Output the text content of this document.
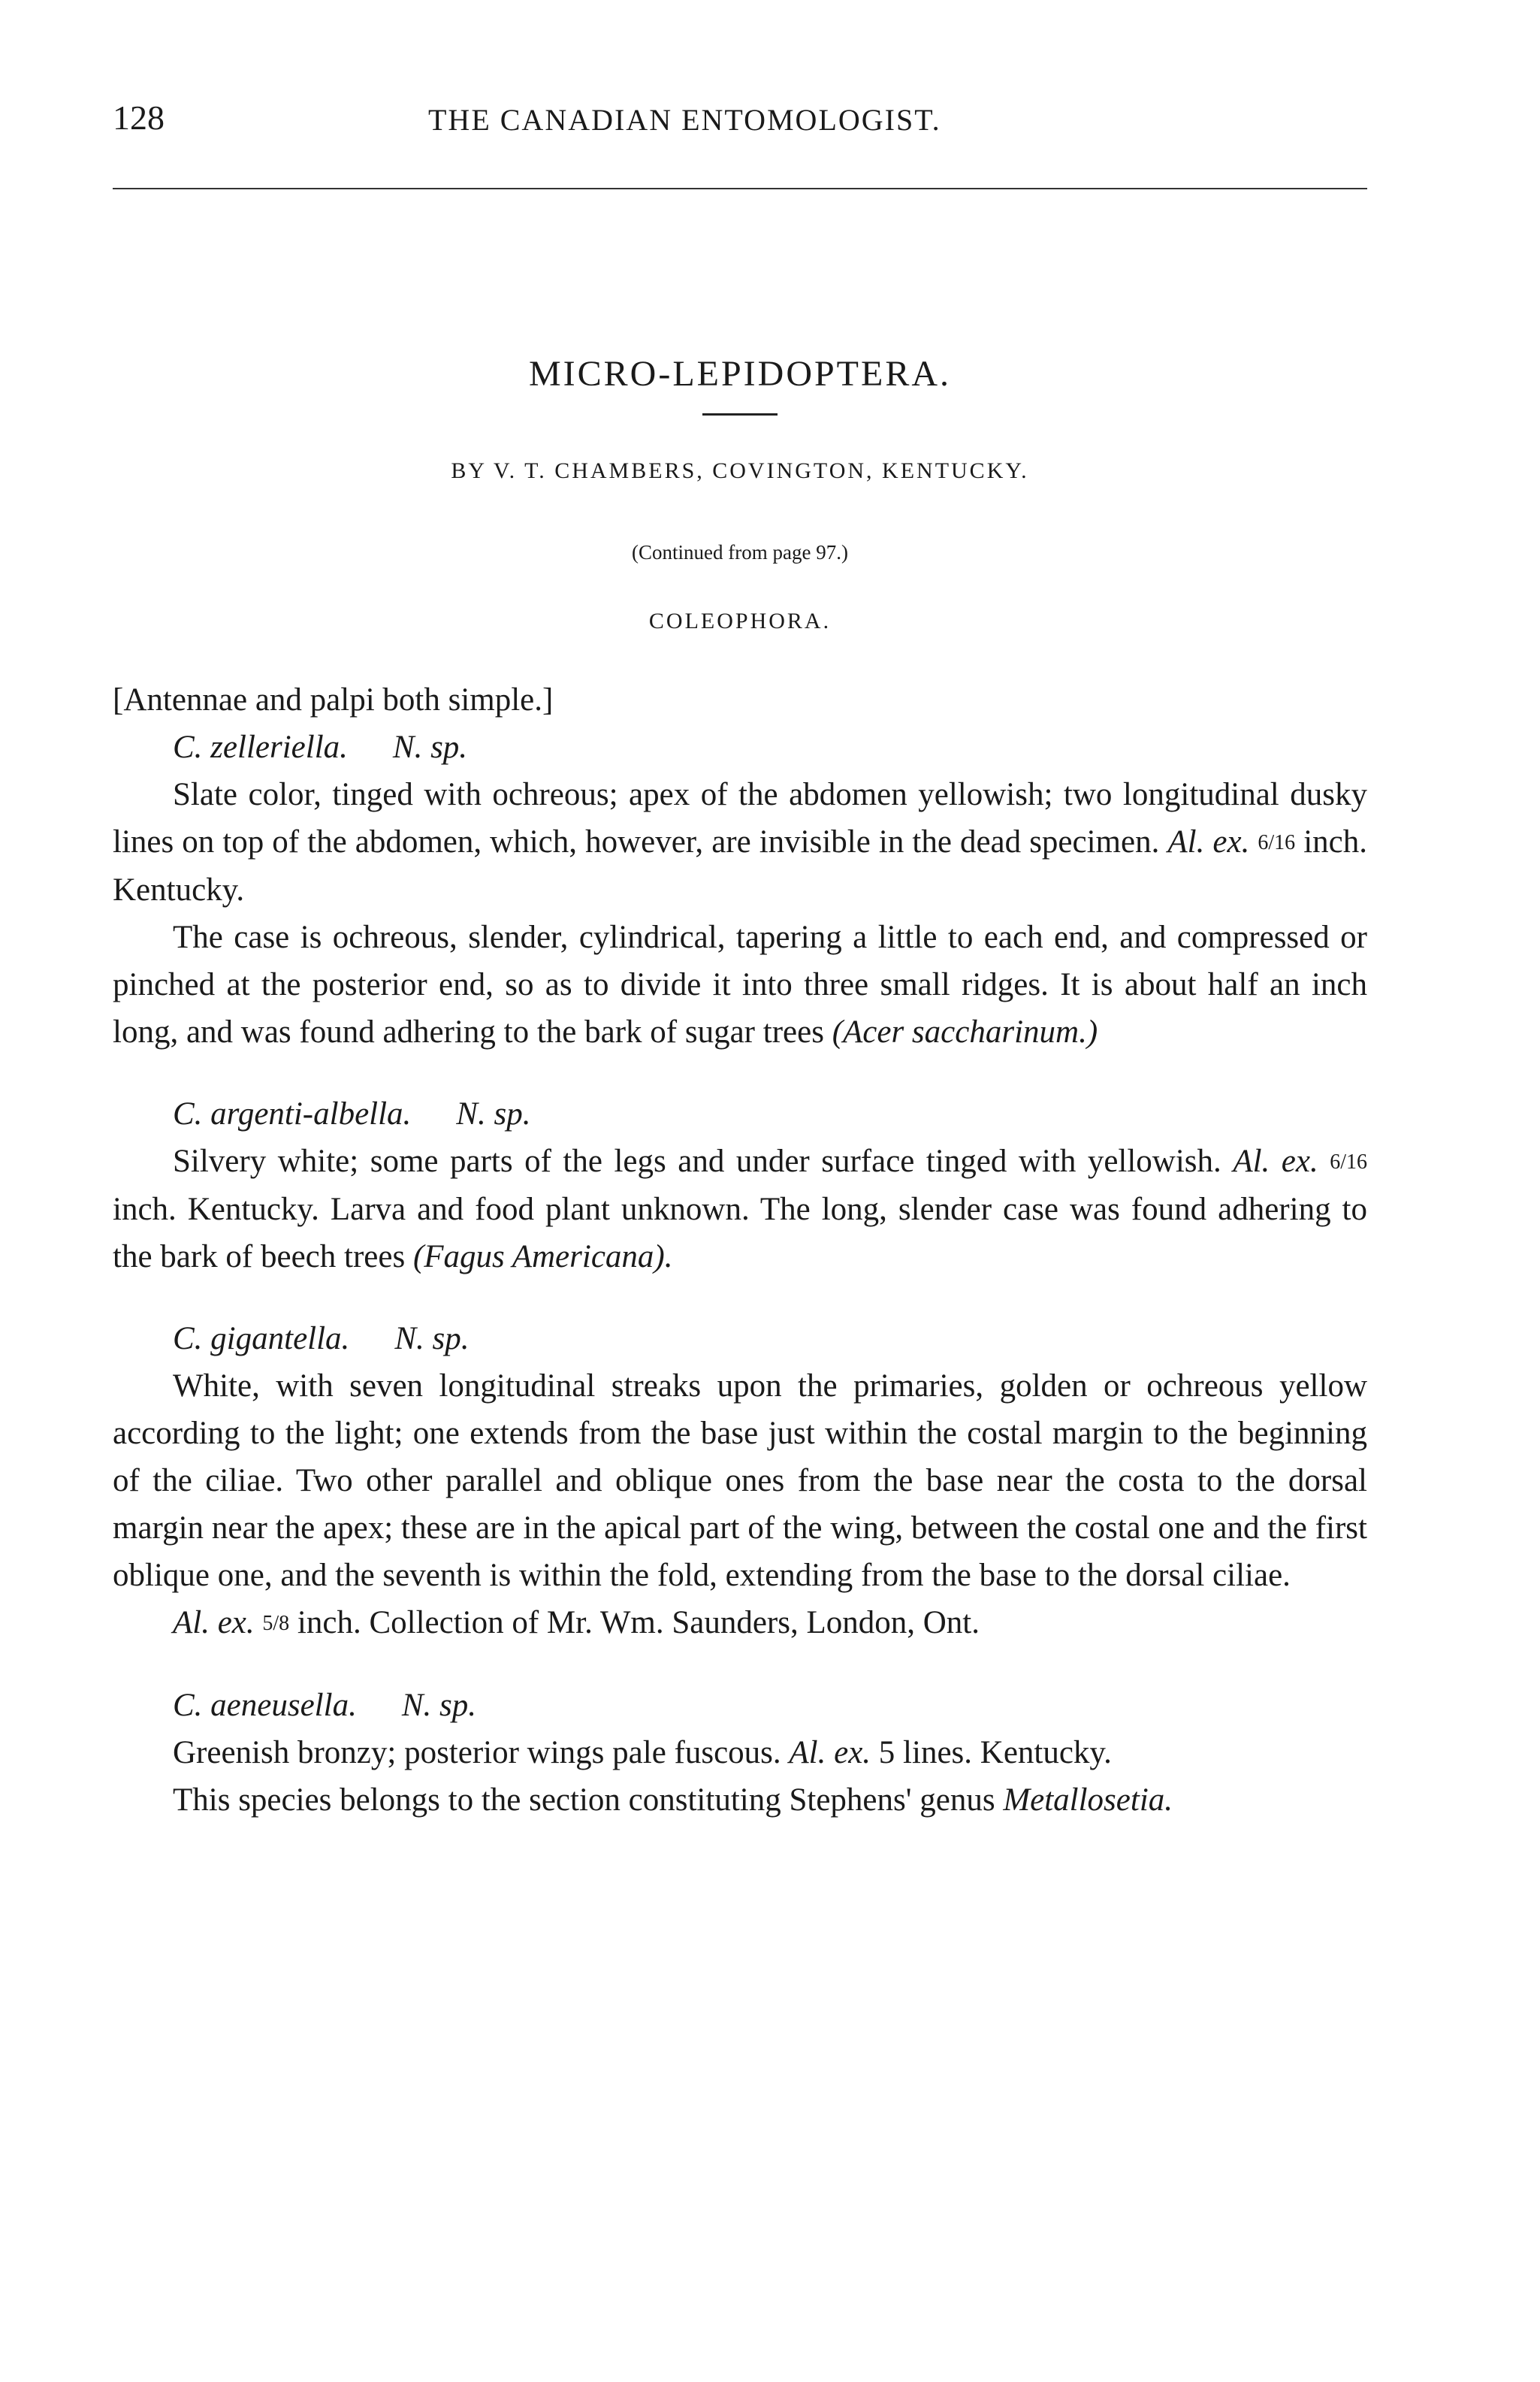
128	THE CANADIAN ENTOMOLOGIST.
MICRO-LEPIDOPTERA.
BY V. T. CHAMBERS, COVINGTON, KENTUCKY.
(Continued from page 97.)
COLEOPHORA.

[Antennae and palpi both simple.]

C. zelleriella. N. sp.

Slate color, tinged with ochreous; apex of the abdomen yellowish; two longitudinal dusky lines on top of the abdomen, which, however, are invisible in the dead specimen. Al. ex. 6/16 inch. Kentucky.

The case is ochreous, slender, cylindrical, tapering a little to each end, and compressed or pinched at the posterior end, so as to divide it into three small ridges. It is about half an inch long, and was found adhering to the bark of sugar trees (Acer saccharinum.)

C. argenti-albella. N. sp.

Silvery white; some parts of the legs and under surface tinged with yellowish. Al. ex. 6/16 inch. Kentucky. Larva and food plant unknown. The long, slender case was found adhering to the bark of beech trees (Fagus Americana).

C. gigantella. N. sp.

White, with seven longitudinal streaks upon the primaries, golden or ochreous yellow according to the light; one extends from the base just within the costal margin to the beginning of the ciliae. Two other parallel and oblique ones from the base near the costa to the dorsal margin near the apex; these are in the apical part of the wing, between the costal one and the first oblique one, and the seventh is within the fold, extending from the base to the dorsal ciliae.

Al. ex. 5/8 inch. Collection of Mr. Wm. Saunders, London, Ont.

C. aeneusella. N. sp.

Greenish bronzy; posterior wings pale fuscous. Al. ex. 5 lines. Kentucky.

This species belongs to the section constituting Stephens' genus Metallosetia.
